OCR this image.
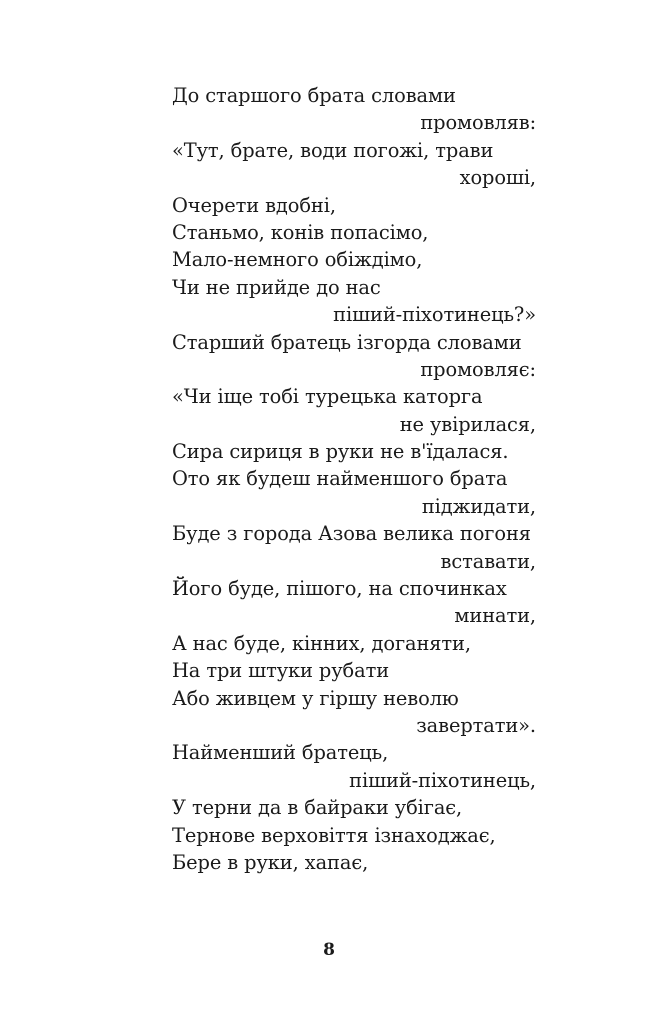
До старшого брата словами
промовляв:
«Тут, брате, води погожі, трави
хороші,
Очерети вдобні,
Станьмо, конів попасімо,
Мало-немного обіждімо,
Чи не прийде до нас
піший-піхотинець?»
Старший братець ізгорда словами
промовляє:
«Чи іще тобі турецька каторга
не увірилася,
Сира сириця в руки не в'їдалася.
Ото як будеш найменшого брата
піджидати,
Буде з города Азова велика погоня
вставати,
Його буде, пішого, на спочинках
минати,
А нас буде, кінних, доганяти,
На три штуки рубати
Або живцем у гіршу неволю
завертати».
Найменший братець,
піший-піхотинець,
У терни да в байраки убігає,
Тернове верховіття ізнаходжає,
Бере в руки, хапає,
8
